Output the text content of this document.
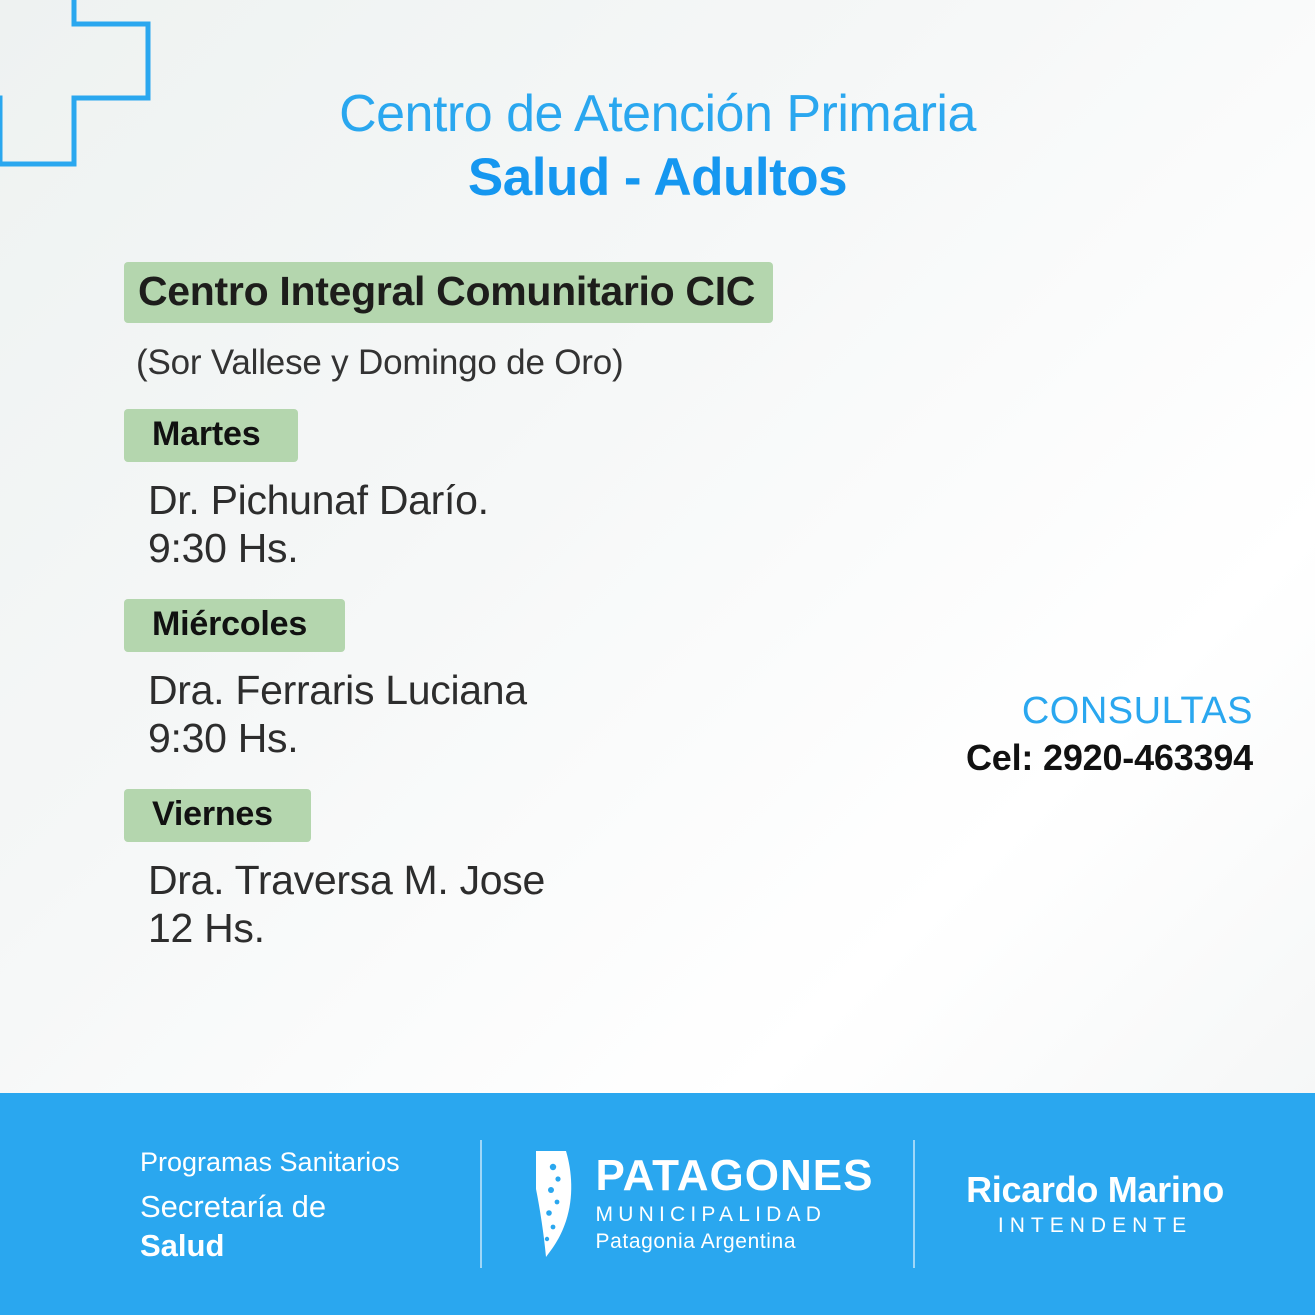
Centro de Atención Primaria
Salud - Adultos
Centro Integral Comunitario CIC
(Sor Vallese y Domingo de Oro)
Martes
Dr. Pichunaf Darío.
9:30 Hs.
Miércoles
Dra. Ferraris Luciana
9:30 Hs.
Viernes
Dra. Traversa M. Jose
12 Hs.
CONSULTAS
Cel: 2920-463394
Programas Sanitarios
Secretaría de
Salud
PATAGONES
MUNICIPALIDAD
Patagonia Argentina
Ricardo Marino
INTENDENTE
